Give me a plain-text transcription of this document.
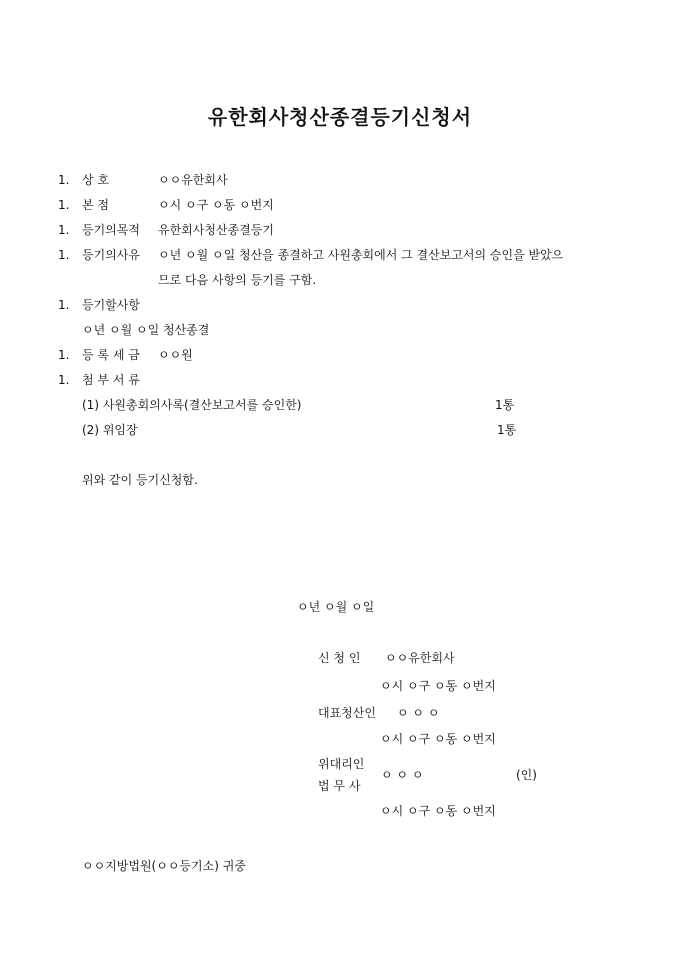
유한회사청산종결등기신청서
1. 상 호	ㅇㅇ유한회사
1. 본 점	ㅇ시 ㅇ구 ㅇ동 ㅇ번지
1. 등기의목적 유한회사청산종결등기
1. 등기의사유 ㅇ년 ㅇ월 ㅇ일 청산을 종결하고 사원총회에서 그 결산보고서의 승인을 받았으
므로 다음 사항의 등기를 구함.
1. 등기할사항
ㅇ년 ㅇ월 ㅇ일 청산종결
1. 등 록 세 금 ㅇㅇ원
1. 첨 부 서 류
(1) 사원총회의사록(결산보고서를 승인한)	1통
(2) 위임장	1통
위와 같이 등기신청함.
ㅇ년 ㅇ월 ㅇ일
신 청 인 ㅇㅇ유한회사
ㅇ시 ㅇ구 ㅇ동 ㅇ번지
대표청산인 ㅇ ㅇ ㅇ
ㅇ시 ㅇ구 ㅇ동 ㅇ번지
위대리인
법 무 사
ㅇ ㅇ ㅇ	(인)
ㅇ시 ㅇ구 ㅇ동 ㅇ번지
ㅇㅇ지방법원(ㅇㅇ등기소) 귀중
